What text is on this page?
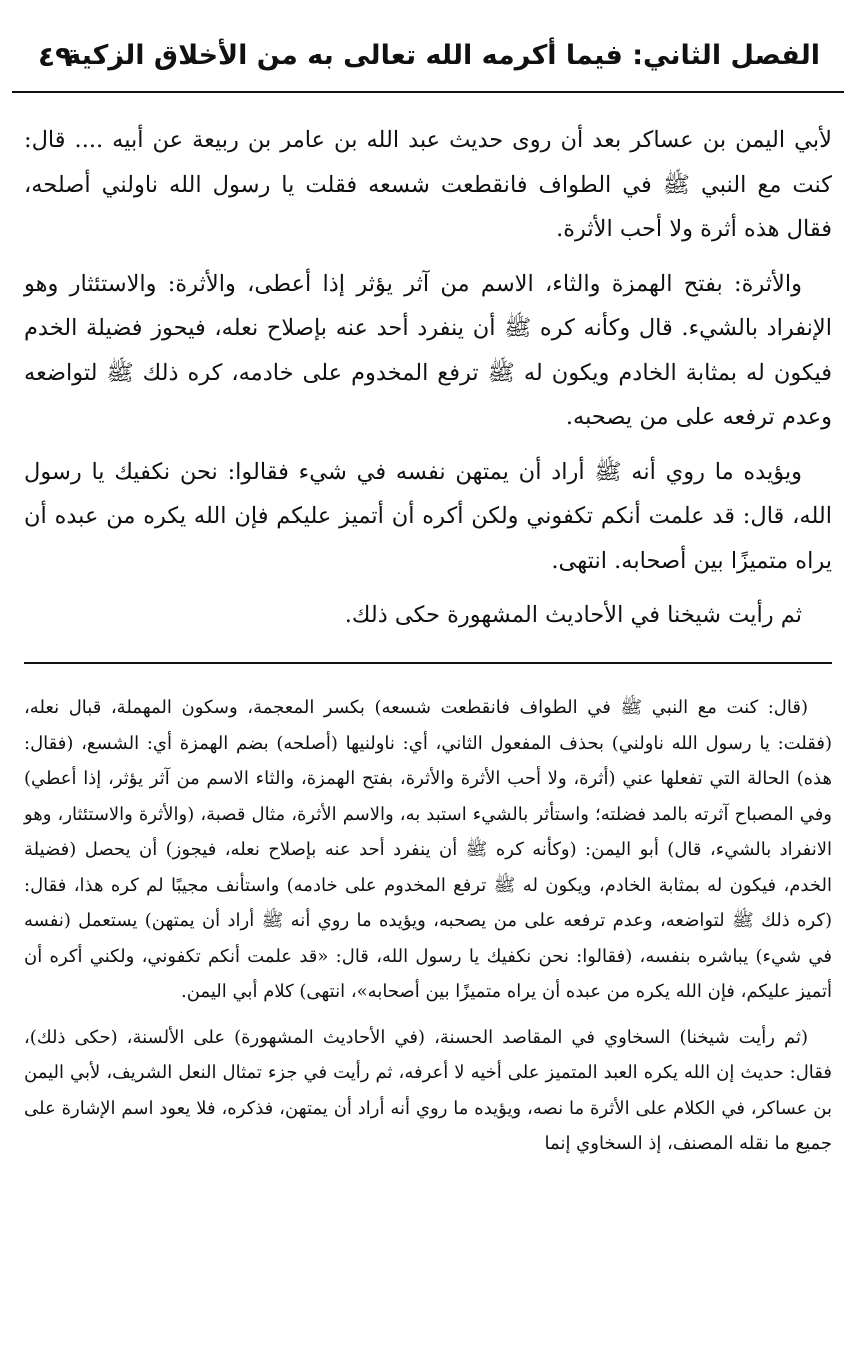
الفصل الثاني: فيما أكرمه الله تعالى به من الأخلاق الزكية
٤٩

لأبي اليمن بن عساكر بعد أن روى حديث عبد الله بن عامر بن ربيعة عن أبيه .... قال: كنت مع النبي ﷺ في الطواف فانقطعت شسعه فقلت يا رسول الله ناولني أصلحه، فقال هذه أثرة ولا أحب الأثرة.

والأثرة: بفتح الهمزة والثاء، الاسم من آثر يؤثر إذا أعطى، والأثرة: والاستئثار وهو الإنفراد بالشيء. قال وكأنه كره ﷺ أن ينفرد أحد عنه بإصلاح نعله، فيحوز فضيلة الخدم فيكون له بمثابة الخادم ويكون له ﷺ ترفع المخدوم على خادمه، كره ذلك ﷺ لتواضعه وعدم ترفعه على من يصحبه.

ويؤيده ما روي أنه ﷺ أراد أن يمتهن نفسه في شيء فقالوا: نحن نكفيك يا رسول الله، قال: قد علمت أنكم تكفوني ولكن أكره أن أتميز عليكم فإن الله يكره من عبده أن يراه متميزًا بين أصحابه. انتهى.

ثم رأيت شيخنا في الأحاديث المشهورة حكى ذلك.

(قال: كنت مع النبي ﷺ في الطواف فانقطعت شسعه) بكسر المعجمة، وسكون المهملة، قبال نعله، (فقلت: يا رسول الله ناولني) بحذف المفعول الثاني، أي: ناولنيها (أصلحه) بضم الهمزة أي: الشسع، (فقال: هذه) الحالة التي تفعلها عني (أثرة، ولا أحب الأثرة والأثرة، بفتح الهمزة، والثاء الاسم من آثر يؤثر، إذا أعطي) وفي المصباح آثرته بالمد فضلته؛ واستأثر بالشيء استبد به، والاسم الأثرة، مثال قصبة، (والأثرة والاستئثار، وهو الانفراد بالشيء، قال) أبو اليمن: (وكأنه كره ﷺ أن ينفرد أحد عنه بإصلاح نعله، فيجوز) أن يحصل (فضيلة الخدم، فيكون له بمثابة الخادم، ويكون له ﷺ ترفع المخدوم على خادمه) واستأنف مجيبًا لم كره هذا، فقال: (كره ذلك ﷺ لتواضعه، وعدم ترفعه على من يصحبه، ويؤيده ما روي أنه ﷺ أراد أن يمتهن) يستعمل (نفسه في شيء) يباشره بنفسه، (فقالوا: نحن نكفيك يا رسول الله، قال: «قد علمت أنكم تكفوني، ولكني أكره أن أتميز عليكم، فإن الله يكره من عبده أن يراه متميزًا بين أصحابه»، انتهى) كلام أبي اليمن.

(ثم رأيت شيخنا) السخاوي في المقاصد الحسنة، (في الأحاديث المشهورة) على الألسنة، (حكى ذلك)، فقال: حديث إن الله يكره العبد المتميز على أخيه لا أعرفه، ثم رأيت في جزء تمثال النعل الشريف، لأبي اليمن بن عساكر، في الكلام على الأثرة ما نصه، ويؤيده ما روي أنه أراد أن يمتهن، فذكره، فلا يعود اسم الإشارة على جميع ما نقله المصنف، إذ السخاوي إنما
